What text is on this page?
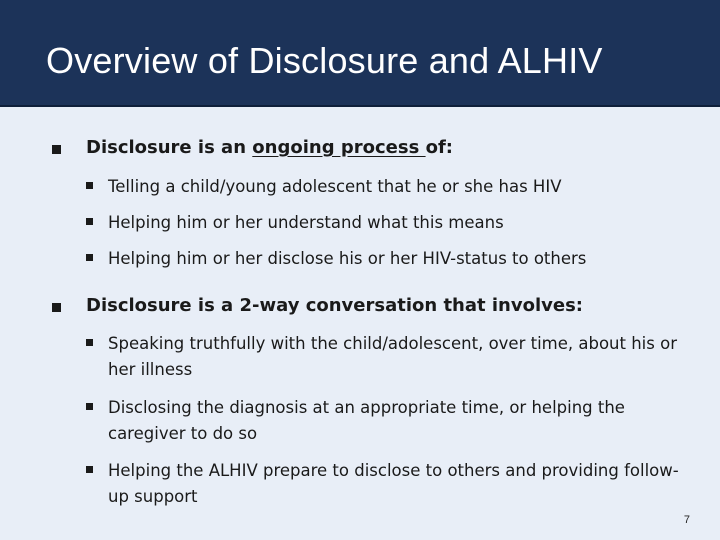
Overview of Disclosure and ALHIV
Disclosure is an ongoing process of:
Telling a child/young adolescent that he or she has HIV
Helping him or her understand what this means
Helping him or her disclose his or her HIV-status to others
Disclosure is a 2-way conversation that involves:
Speaking truthfully with the child/adolescent, over time, about his or her illness
Disclosing the diagnosis at an appropriate time, or helping the caregiver to do so
Helping the ALHIV prepare to disclose to others and providing follow-up support
7
